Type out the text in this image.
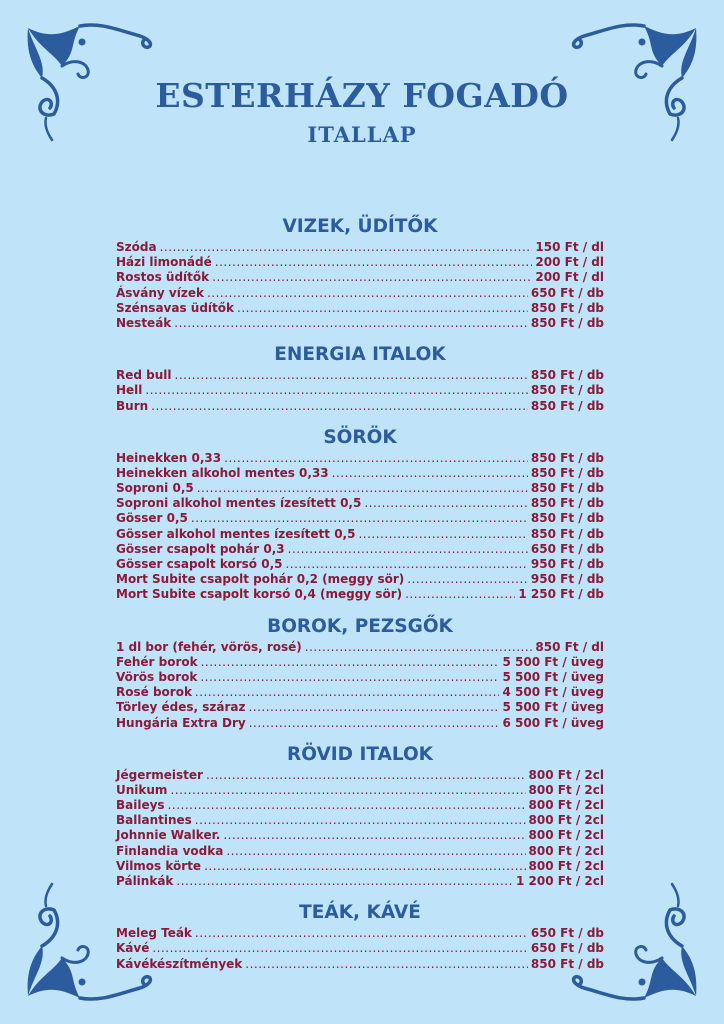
ESTERHÁZY FOGADÓ
ITALLAP
VIZEK, ÜDÍTŐK
Szóda .....	150 Ft / dl
Házi limonádé .....	200 Ft / dl
Rostos üdítők .....	200 Ft / dl
Ásvány vízek .....	650 Ft / db
Szénsavas üdítők .....	850 Ft / db
Nesteák .....	850 Ft / db
ENERGIA ITALOK
Red bull .....	850 Ft / db
Hell .....	850 Ft / db
Burn .....	850 Ft / db
SÖRÖK
Heinekken 0,33 .....	850 Ft / db
Heinekken alkohol mentes 0,33 .....	850 Ft / db
Soproni 0,5 .....	850 Ft / db
Soproni alkohol mentes ízesített 0,5 .....	850 Ft / db
Gösser 0,5 .....	850 Ft / db
Gösser alkohol mentes ízesített 0,5 .....	850 Ft / db
Gösser csapolt pohár 0,3 .....	650 Ft / db
Gösser csapolt korsó 0,5 .....	950 Ft / db
Mort Subite csapolt pohár 0,2 (meggy sör) .....	950 Ft / db
Mort Subite csapolt korsó 0,4 (meggy sör) .....	1 250 Ft / db
BOROK, PEZSGŐK
1 dl bor (fehér, vörös, rosé) .....	850 Ft / dl
Fehér borok .....	5 500 Ft / üveg
Vörös borok .....	5 500 Ft / üveg
Rosé borok .....	4 500 Ft / üveg
Törley édes, száraz .....	5 500 Ft / üveg
Hungária Extra Dry .....	6 500 Ft / üveg
RÖVID ITALOK
Jégermeister .....	800 Ft / 2cl
Unikum .....	800 Ft / 2cl
Baileys .....	800 Ft / 2cl
Ballantines .....	800 Ft / 2cl
Johnnie Walker. .....	800 Ft / 2cl
Finlandia vodka .....	800 Ft / 2cl
Vilmos körte .....	800 Ft / 2cl
Pálinkák .....	1 200 Ft / 2cl
TEÁK, KÁVÉ
Meleg Teák .....	650 Ft / db
Kávé .....	650 Ft / db
Kávékészítmények .....	850 Ft / db
